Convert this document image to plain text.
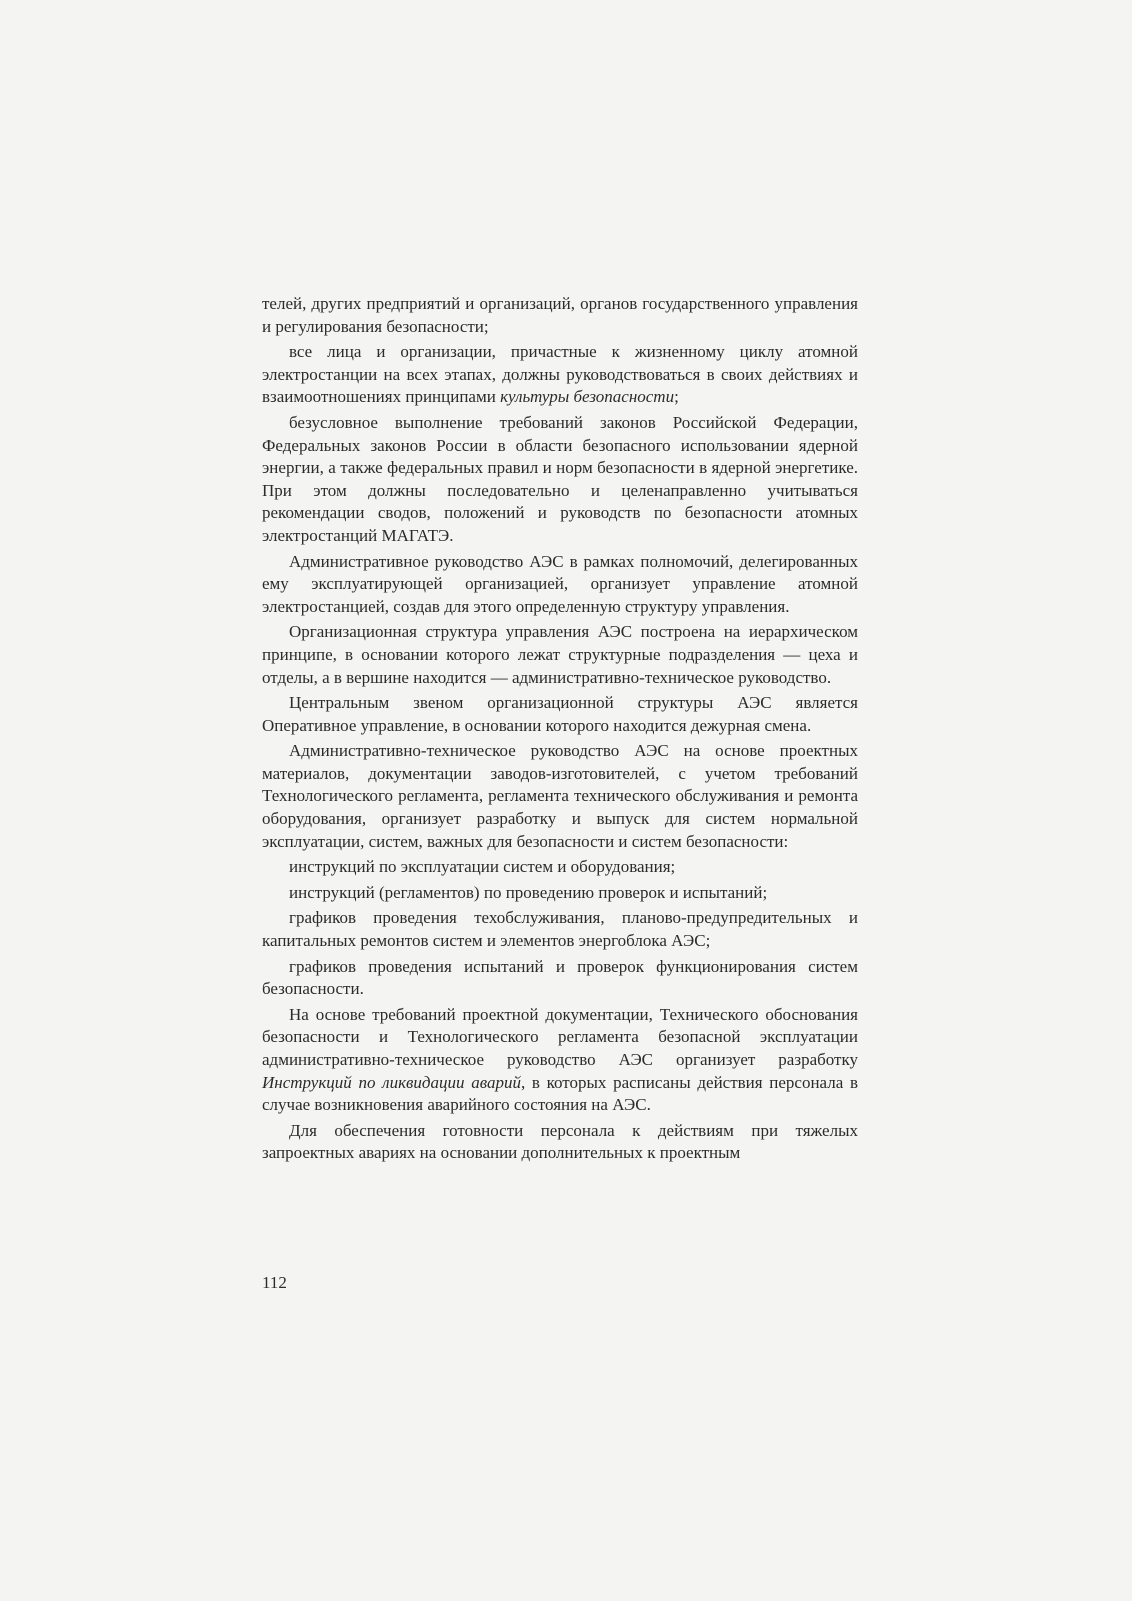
телей, других предприятий и организаций, органов государственного управления и регулирования безопасности;

все лица и организации, причастные к жизненному циклу атомной электростанции на всех этапах, должны руководствоваться в своих действиях и взаимоотношениях принципами культуры безопасности;

безусловное выполнение требований законов Российской Федерации, Федеральных законов России в области безопасного использовании ядерной энергии, а также федеральных правил и норм безопасности в ядерной энергетике. При этом должны последовательно и целенаправленно учитываться рекомендации сводов, положений и руководств по безопасности атомных электростанций МАГАТЭ.

Административное руководство АЭС в рамках полномочий, делегированных ему эксплуатирующей организацией, организует управление атомной электростанцией, создав для этого определенную структуру управления.

Организационная структура управления АЭС построена на иерархическом принципе, в основании которого лежат структурные подразделения — цеха и отделы, а в вершине находится — административно-техническое руководство.

Центральным звеном организационной структуры АЭС является Оперативное управление, в основании которого находится дежурная смена.

Административно-техническое руководство АЭС на основе проектных материалов, документации заводов-изготовителей, с учетом требований Технологического регламента, регламента технического обслуживания и ремонта оборудования, организует разработку и выпуск для систем нормальной эксплуатации, систем, важных для безопасности и систем безопасности:

инструкций по эксплуатации систем и оборудования;

инструкций (регламентов) по проведению проверок и испытаний;

графиков проведения техобслуживания, планово-предупредительных и капитальных ремонтов систем и элементов энергоблока АЭС;

графиков проведения испытаний и проверок функционирования систем безопасности.

На основе требований проектной документации, Технического обоснования безопасности и Технологического регламента безопасной эксплуатации административно-техническое руководство АЭС организует разработку Инструкций по ликвидации аварий, в которых расписаны действия персонала в случае возникновения аварийного состояния на АЭС.

Для обеспечения готовности персонала к действиям при тяжелых запроектных авариях на основании дополнительных к проектным

112
